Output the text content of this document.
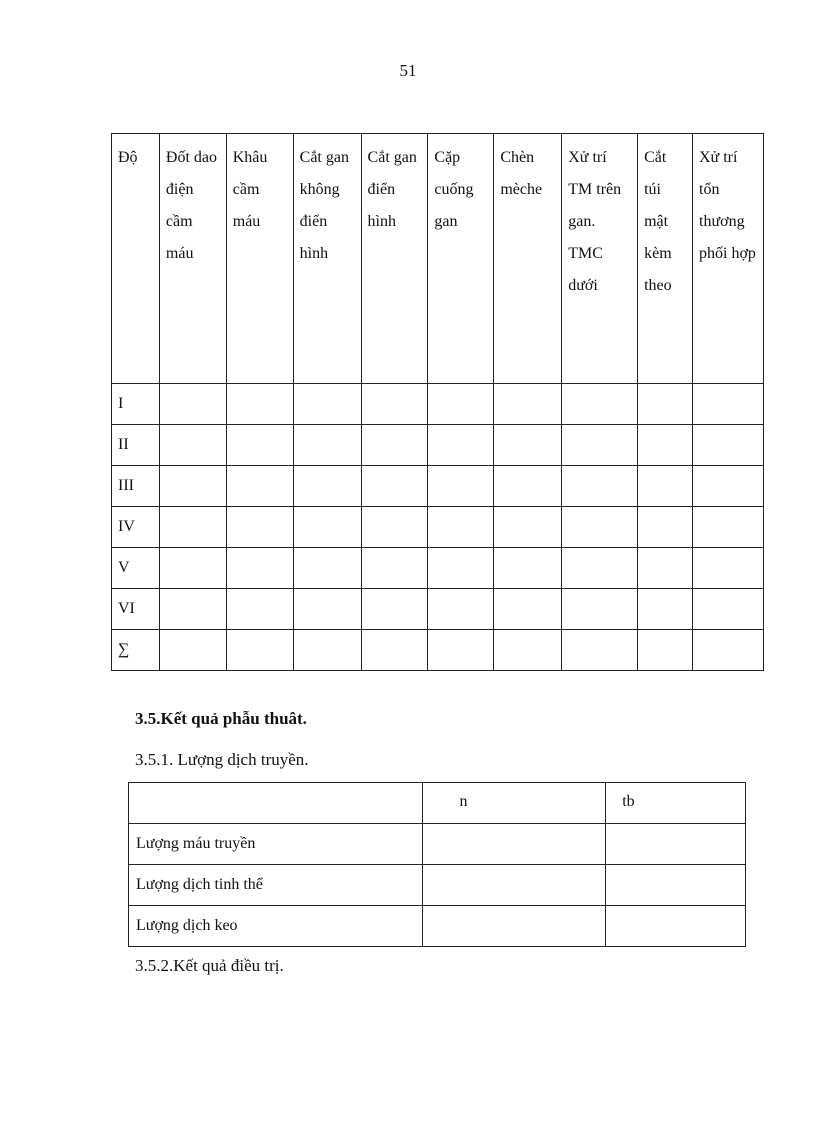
51
Độ	Đốt dao điện cầm máu	Khâu cầm máu	Cắt gan không điển hình	Cắt gan điển hình	Cặp cuống gan	Chèn mèche	Xử trí TM trên gan. TMC dưới	Cắt túi mật kèm theo	Xử trí tổn thương phối hợp
I									
II									
III									
IV									
V									
VI									
∑									
3.5.Kết quả phẫu thuât.
3.5.1. Lượng dịch truyền.
	n	tb
Lượng máu truyền		
Lượng dịch tinh thể		
Lượng dịch keo		
3.5.2.Kết quả điều trị.
